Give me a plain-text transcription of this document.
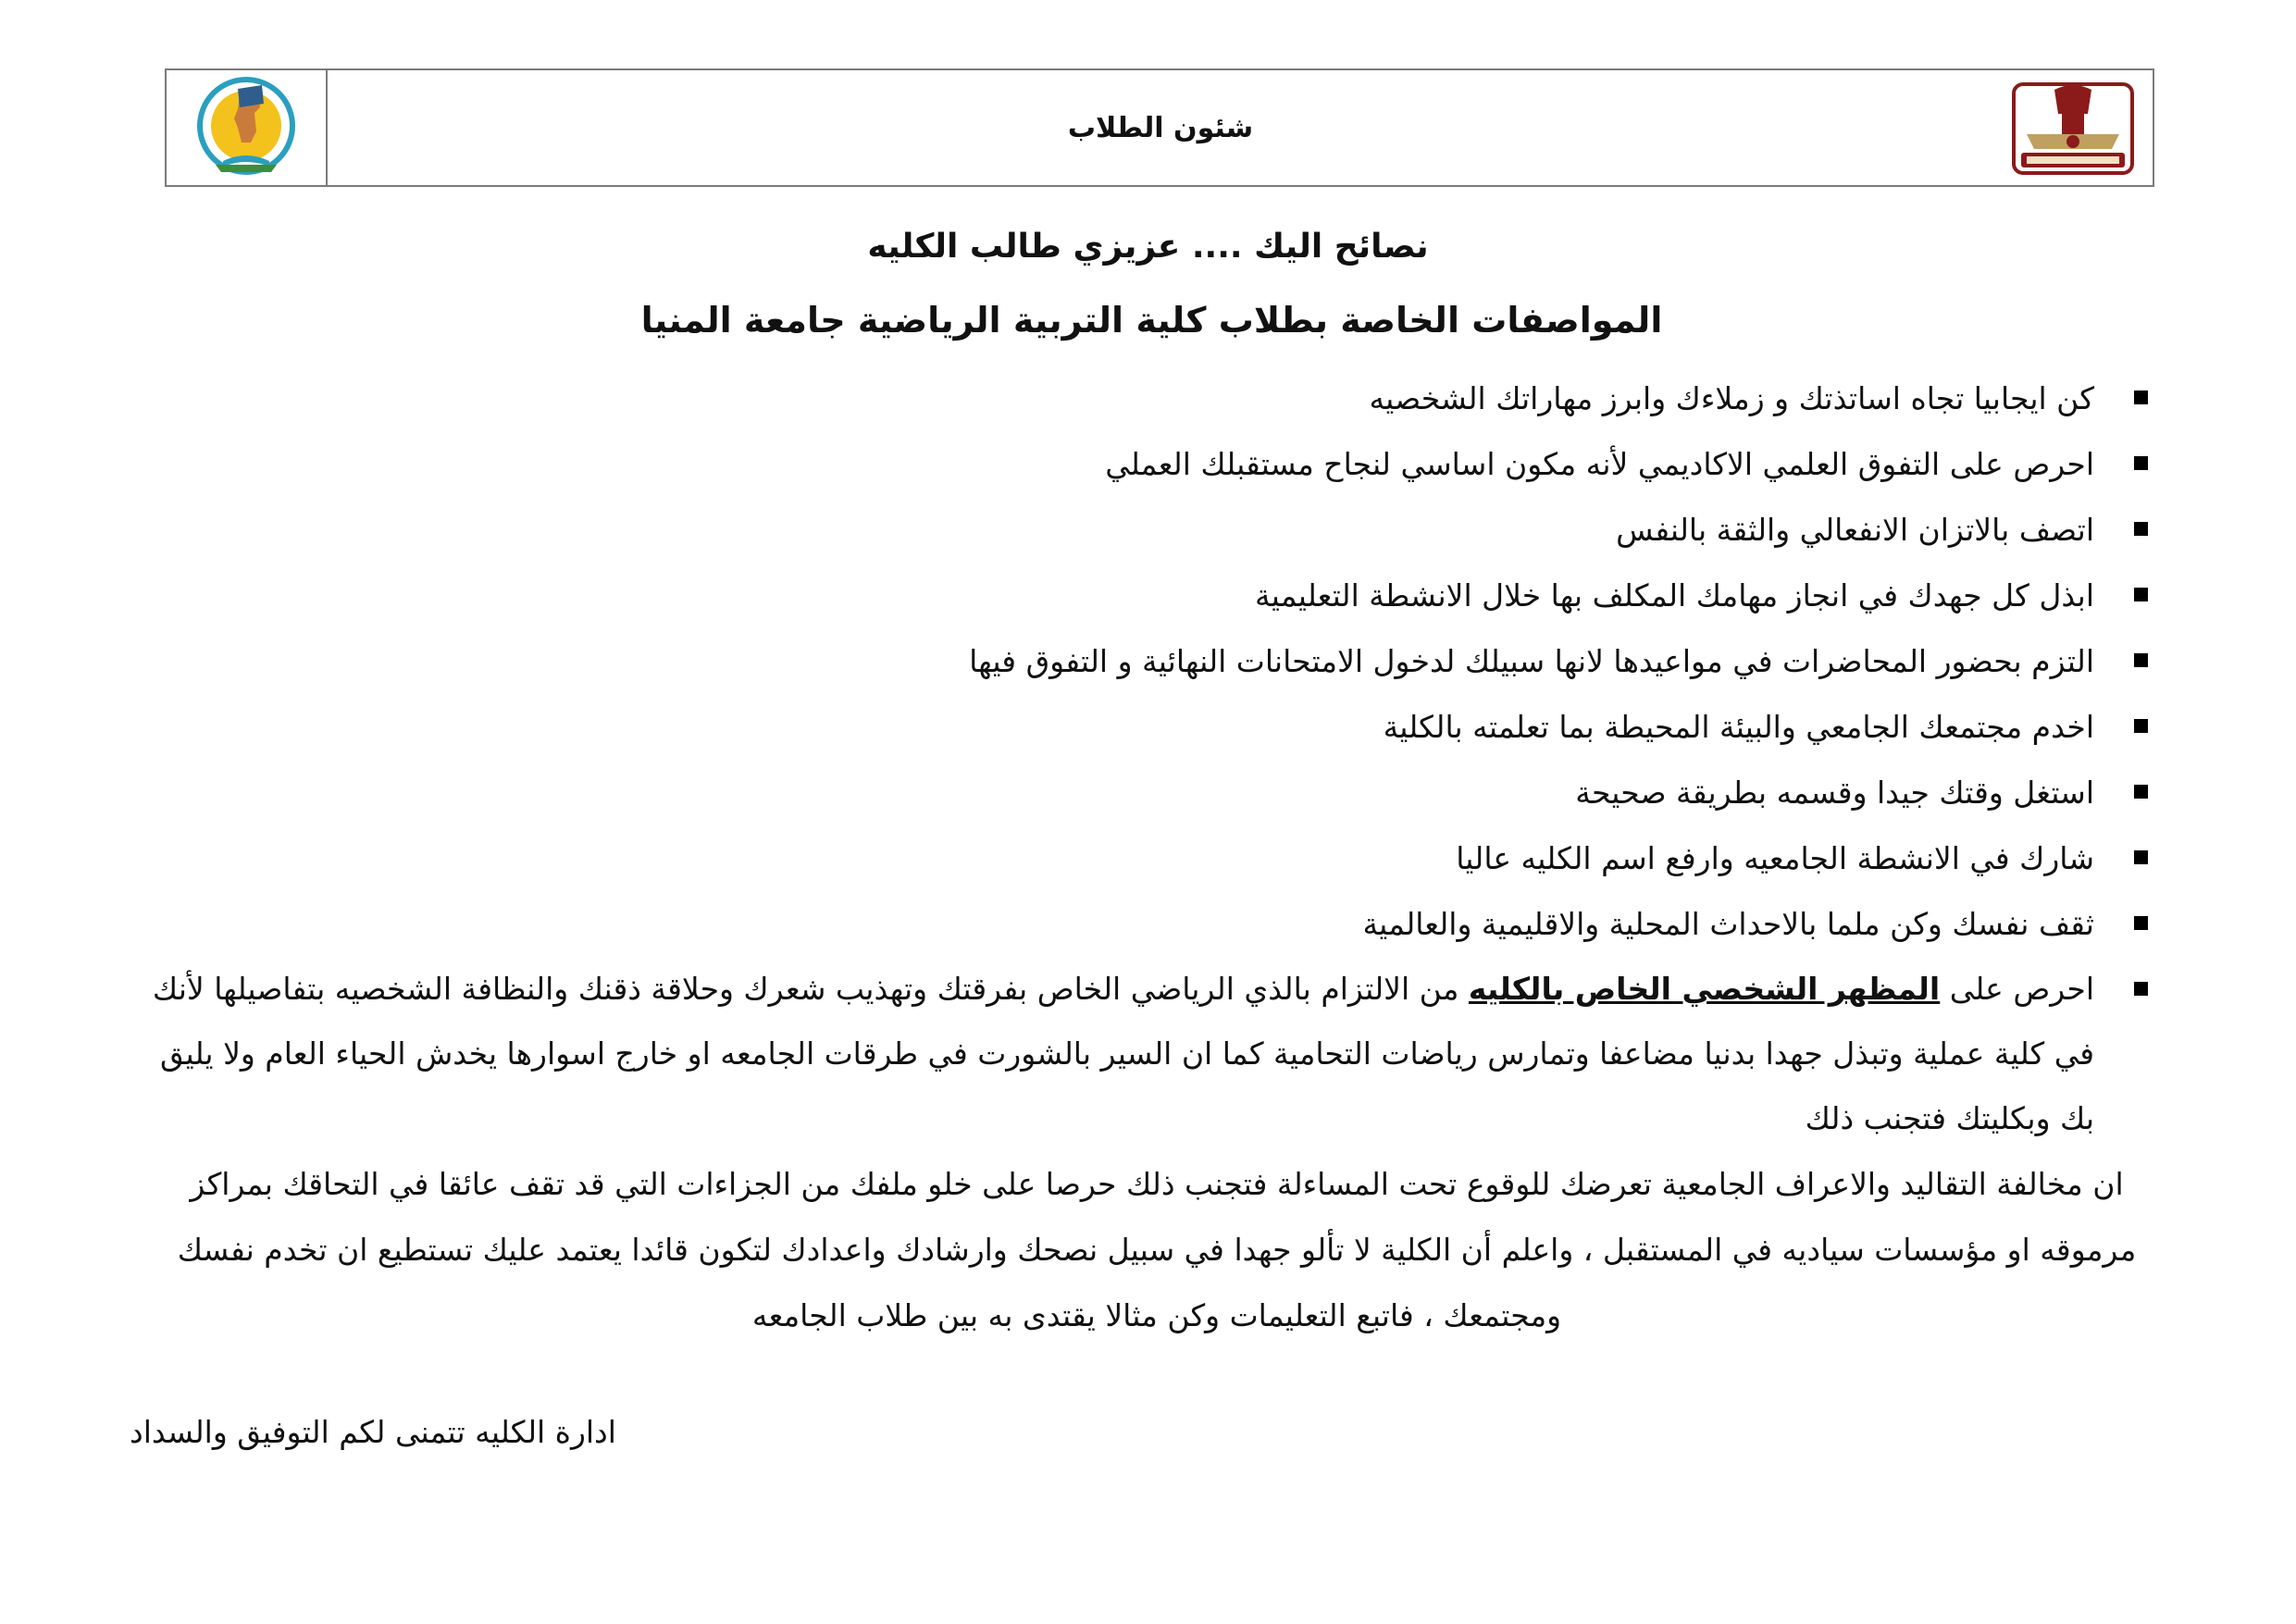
شئون الطلاب
نصائح اليك .... عزيزي طالب الكليه
المواصفات الخاصة بطلاب كلية التربية الرياضية جامعة المنيا
كن ايجابيا تجاه اساتذتك و زملاءك وابرز مهاراتك الشخصيه
احرص على التفوق العلمي الاكاديمي لأنه مكون اساسي لنجاح مستقبلك العملي
اتصف بالاتزان الانفعالي والثقة بالنفس
ابذل كل جهدك في انجاز مهامك المكلف بها خلال الانشطة التعليمية
التزم بحضور المحاضرات في مواعيدها لانها سبيلك لدخول الامتحانات النهائية و التفوق فيها
اخدم مجتمعك الجامعي والبيئة المحيطة بما تعلمته بالكلية
استغل وقتك جيدا وقسمه بطريقة صحيحة
شارك في الانشطة الجامعيه وارفع اسم الكليه عاليا
ثقف نفسك وكن ملما بالاحداث المحلية والاقليمية والعالمية
احرص على المظهر الشخصي الخاص بالكليه من الالتزام بالذي الرياضي الخاص بفرقتك وتهذيب شعرك وحلاقة ذقنك والنظافة الشخصيه بتفاصيلها لأنك في كلية عملية وتبذل جهدا بدنيا مضاعفا وتمارس رياضات التحامية كما ان السير بالشورت في طرقات الجامعه او خارج اسوارها يخدش الحياء العام ولا يليق بك وبكليتك فتجنب ذلك
ان مخالفة التقاليد والاعراف الجامعية تعرضك للوقوع تحت المساءلة فتجنب ذلك حرصا على خلو ملفك من الجزاءات التي قد تقف عائقا في التحاقك بمراكز مرموقه او مؤسسات سياديه في المستقبل ، واعلم أن الكلية لا تألو جهدا في سبيل نصحك وارشادك واعدادك لتكون قائدا يعتمد عليك تستطيع ان تخدم نفسك ومجتمعك ، فاتبع التعليمات وكن مثالا يقتدى به بين طلاب الجامعه
ادارة الكليه تتمنى لكم التوفيق والسداد
